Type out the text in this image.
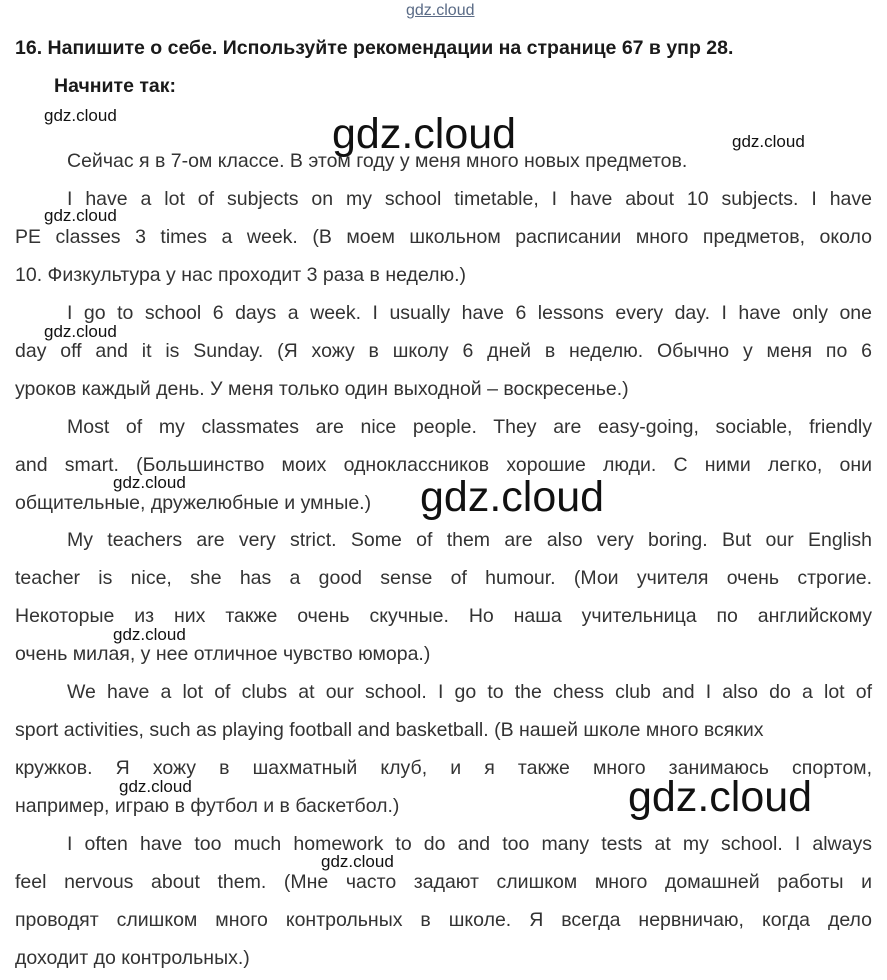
gdz.cloud
gdz.cloud
gdz.cloud
gdz.cloud
gdz.cloud
gdz.cloud
gdz.cloud	gdz.cloud
gdz.cloud
gdz.cloud	gdz.cloud
gdz.cloud
16. Напишите о себе. Используйте рекомендации на странице 67 в упр 28.
Начните так:
Сейчас я в 7-ом классе. В этом году у меня много новых предметов.
I have a lot of subjects on my school timetable, I have about 10 subjects. I have
PE classes 3 times a week. (В моем школьном расписании много предметов, около
10. Физкультура у нас проходит 3 раза в неделю.)
I go to school 6 days a week. I usually have 6 lessons every day. I have only one
day off and it is Sunday. (Я хожу в школу 6 дней в неделю. Обычно у меня по 6
уроков каждый день. У меня только один выходной – воскресенье.)
Most of my classmates are nice people. They are easy-going, sociable, friendly
and smart. (Большинство моих одноклассников хорошие люди. С ними легко, они
общительные, дружелюбные и умные.)
My teachers are very strict. Some of them are also very boring. But our English
teacher is nice, she has a good sense of humour. (Мои учителя очень строгие.
Некоторые из них также очень скучные. Но наша учительница по английскому
очень милая, у нее отличное чувство юмора.)
We have a lot of clubs at our school. I go to the chess club and I also do a lot of
sport activities, such as playing football and basketball. (В нашей школе много всяких
кружков. Я хожу в шахматный клуб, и я также много занимаюсь спортом,
например, играю в футбол и в баскетбол.)
I often have too much homework to do and too many tests at my school. I always
feel nervous about them. (Мне часто задают слишком много домашней работы и
проводят слишком много контрольных в школе. Я всегда нервничаю, когда дело
доходит до контрольных.)
